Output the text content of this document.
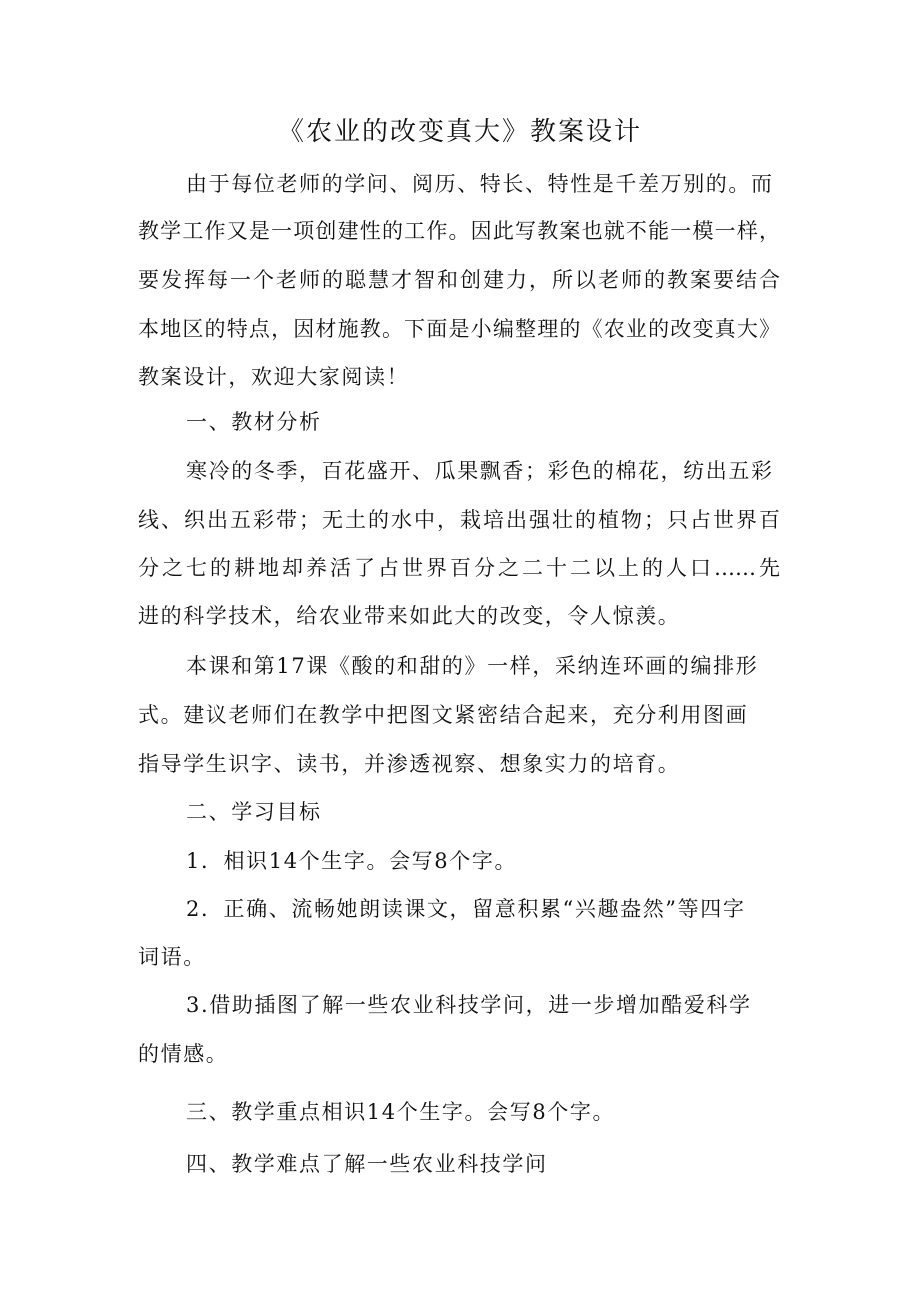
《农业的改变真大》教案设计
由于每位老师的学问、阅历、特长、特性是千差万别的。而
教学工作又是一项创建性的工作。因此写教案也就不能一模一样，
要发挥每一个老师的聪慧才智和创建力，所以老师的教案要结合
本地区的特点，因材施教。下面是小编整理的《农业的改变真大》
教案设计，欢迎大家阅读！
一、教材分析
寒冷的冬季，百花盛开、瓜果飘香；彩色的棉花，纺出五彩
线、织出五彩带；无土的水中，栽培出强壮的植物；只占世界百
分之七的耕地却养活了占世界百分之二十二以上的人口……先
进的科学技术，给农业带来如此大的改变，令人惊羡。
本课和第17课《酸的和甜的》一样，采纳连环画的编排形
式。建议老师们在教学中把图文紧密结合起来，充分利用图画
指导学生识字、读书，并渗透视察、想象实力的培育。
二、学习目标
1．相识14个生字。会写8个字。
2．正确、流畅她朗读课文，留意积累“兴趣盎然”等四字
词语。
3.借助插图了解一些农业科技学问，进一步增加酷爱科学
的情感。
三、教学重点相识14个生字。会写8个字。
四、教学难点了解一些农业科技学问
